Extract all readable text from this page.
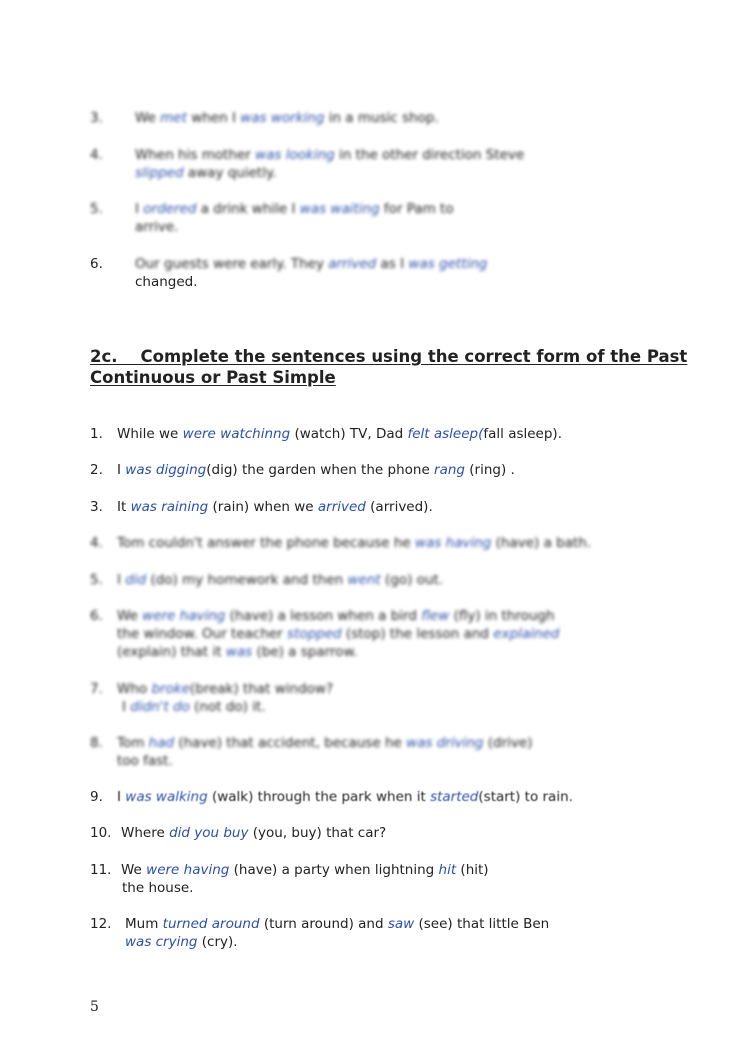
3. We met when I was working in a music shop.
4. When his mother was looking in the other direction Steve
slipped away quietly.
5. I ordered a drink while I was waiting for Pam to
arrive.
6. Our guests were early. They arrived as I was getting
changed.
2c.    Complete the sentences using the correct form of the Past
Continuous or Past Simple
1. While we were watchinng (watch) TV, Dad felt asleep(fall asleep).
2. I was digging(dig) the garden when the phone rang (ring) .
3. It was raining (rain) when we arrived (arrived).
4. Tom couldn't answer the phone because he was having (have) a bath.
5. I did (do) my homework and then went (go) out.
6. We were having (have) a lesson when a bird flew (fly) in through
the window. Our teacher stopped (stop) the lesson and explained
(explain) that it was (be) a sparrow.
7. Who broke(break) that window?
I didn't do (not do) it.
8. Tom had (have) that accident, because he was driving (drive)
too fast.
9. I was walking (walk) through the park when it started(start) to rain.
10. Where did you buy (you, buy) that car?
11. We were having (have) a party when lightning hit (hit)
the house.
12. Mum turned around (turn around) and saw (see) that little Ben
was crying (cry).
5
